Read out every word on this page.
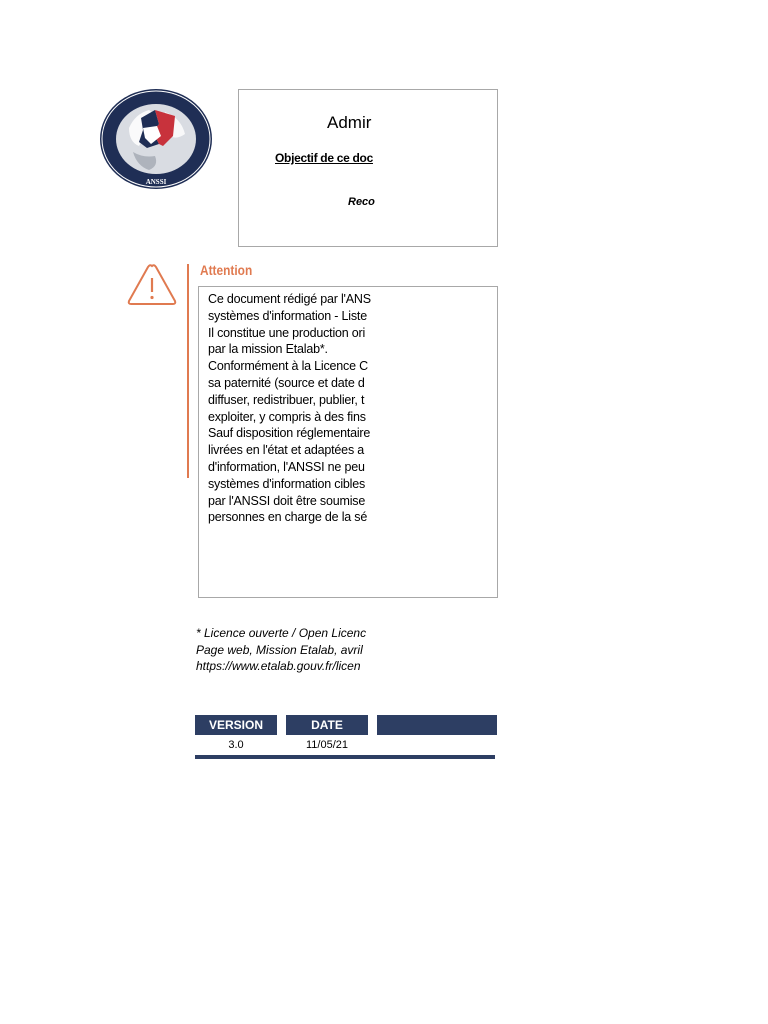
ANSSI
Admir
Objectif de ce doc
Reco
Attention
Ce document rédigé par l'ANS
systèmes d'information - Liste
Il constitue une production ori
par la mission Etalab*.
Conformément à la Licence C
sa paternité (source et date d
diffuser, redistribuer, publier, t
exploiter, y compris à des fins
Sauf disposition réglementaire
livrées en l'état et adaptées a
d'information, l'ANSSI ne peu
systèmes d'information cibles
par l'ANSSI doit être soumise
personnes en charge de la sé
* Licence ouverte / Open Licenc
Page web, Mission Etalab, avril
https://www.etalab.gouv.fr/licen
VERSION	DATE
3.0	11/05/21
